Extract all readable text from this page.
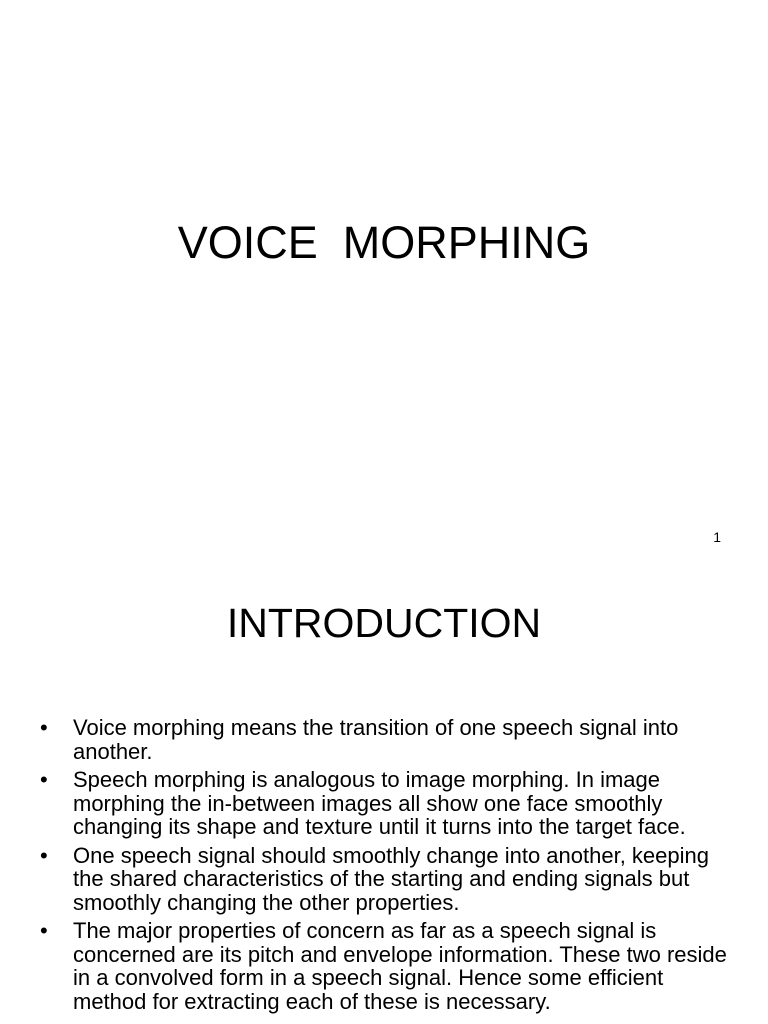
VOICE  MORPHING
1
INTRODUCTION
• Voice morphing means the transition of one speech signal into another.
• Speech morphing is analogous to image morphing. In image morphing the in-between images all show one face smoothly changing its shape and texture until it turns into the target face.
• One speech signal should smoothly change into another, keeping the shared characteristics of the starting and ending signals but smoothly changing the other properties.
• The major properties of concern as far as a speech signal is concerned are its pitch and envelope information. These two reside in a convolved form in a speech signal. Hence some efficient method for extracting each of these is necessary.
